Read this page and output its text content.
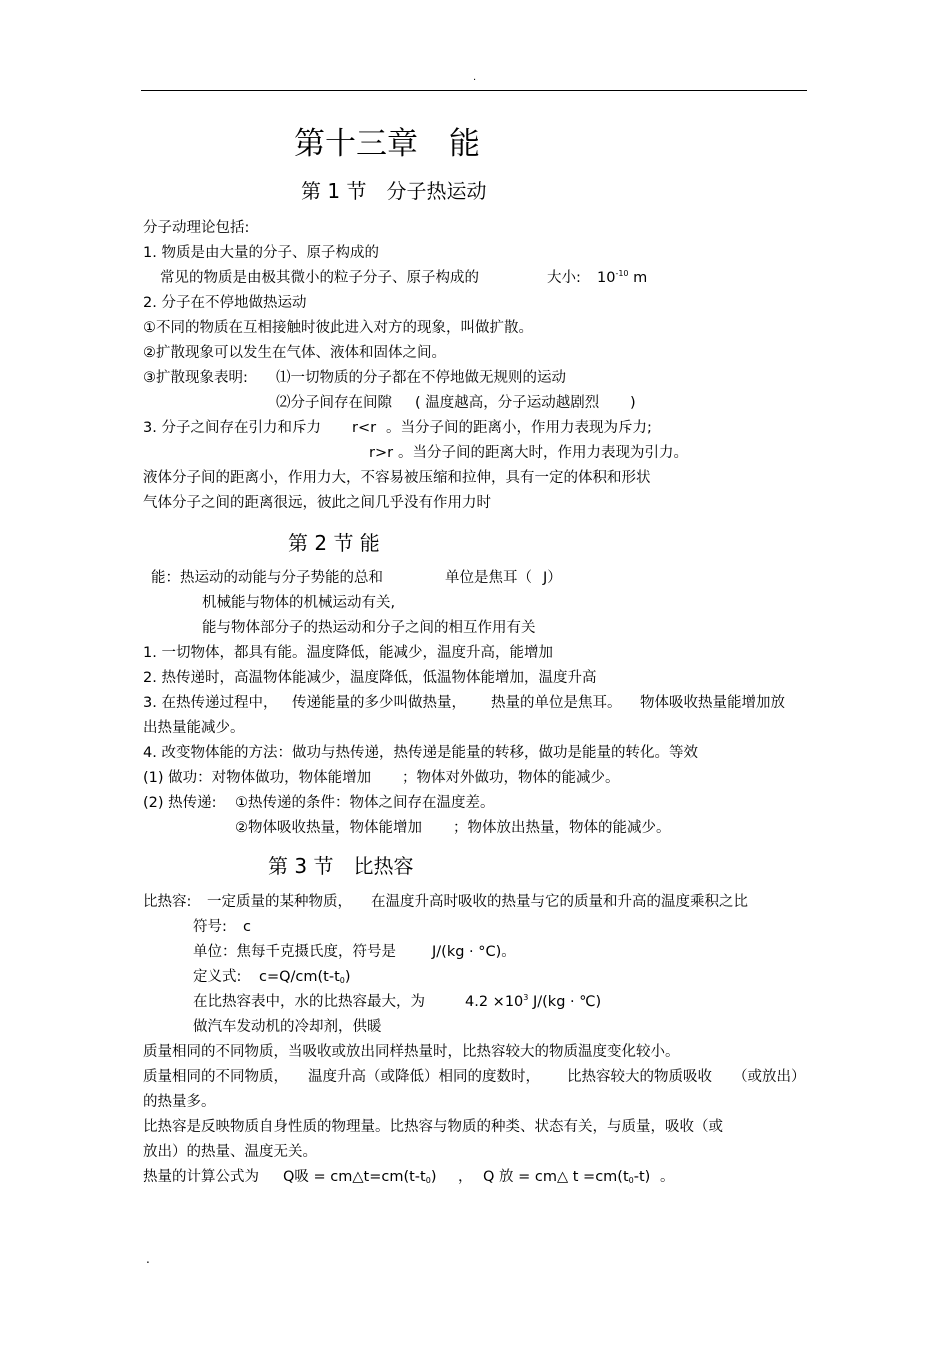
.
第十三章　能
第 1 节　分子热运动
分子动理论包括:
1. 物质是由大量的分子、原子构成的
常见的物质是由极其微小的粒子分子、原子构成的	大小: $10^{-10}$ m
2. 分子在不停地做热运动
①不同的物质在互相接触时彼此进入对方的现象，叫做扩散。
②扩散现象可以发生在气体、液体和固体之间。
③扩散现象表明: ⑴一切物质的分子都在不停地做无规则的运动
⑵分子间存在间隙 ( 温度越高，分子运动越剧烈 )
3. 分子之间存在引力和斥力 r<r 。当分子间的距离小，作用力表现为斥力;
r>r 。当分子间的距离大时，作用力表现为引力。
液体分子间的距离小，作用力大，不容易被压缩和拉伸，具有一定的体积和形状
气体分子之间的距离很远，彼此之间几乎没有作用力时
第 2 节 能
能：热运动的动能与分子势能的总和	单位是焦耳（ J）
机械能与物体的机械运动有关,
能与物体部分子的热运动和分子之间的相互作用有关
1. 一切物体，都具有能。温度降低，能减少，温度升高，能增加
2. 热传递时，高温物体能减少，温度降低，低温物体能增加，温度升高
3. 在热传递过程中， 传递能量的多少叫做热量， 热量的单位是焦耳。 物体吸收热量能增加放
出热量能减少。
4. 改变物体能的方法：做功与热传递，热传递是能量的转移，做功是能量的转化。等效
(1) 做功：对物体做功，物体能增加 ；物体对外做功，物体的能减少。
(2) 热传递: ①热传递的条件：物体之间存在温度差。
②物体吸收热量，物体能增加 ；物体放出热量，物体的能减少。
第 3 节　比热容
比热容: 一定质量的某种物质， 在温度升高时吸收的热量与它的质量和升高的温度乘积之比
符号: c
单位：焦每千克摄氏度，符号是 J/(kg · °C)。
定义式: $c=Q/cm(t-t_0)$
在比热容表中，水的比热容最大，为	$4.2 \times 10^3$ J/(kg · ℃)
做汽车发动机的冷却剂，供暖
质量相同的不同物质，当吸收或放出同样热量时，比热容较大的物质温度变化较小。
质量相同的不同物质， 温度升高（或降低）相同的度数时， 比热容较大的物质吸收 （或放出）
的热量多。
比热容是反映物质自身性质的物理量。比热容与物质的种类、状态有关，与质量，吸收（或
放出）的热量、温度无关。
热量的计算公式为 Q吸 = $cm\triangle t=cm(t-t_0)$ ， Q 放 = cm△ $t =cm(t_0-t)$ 。
.
